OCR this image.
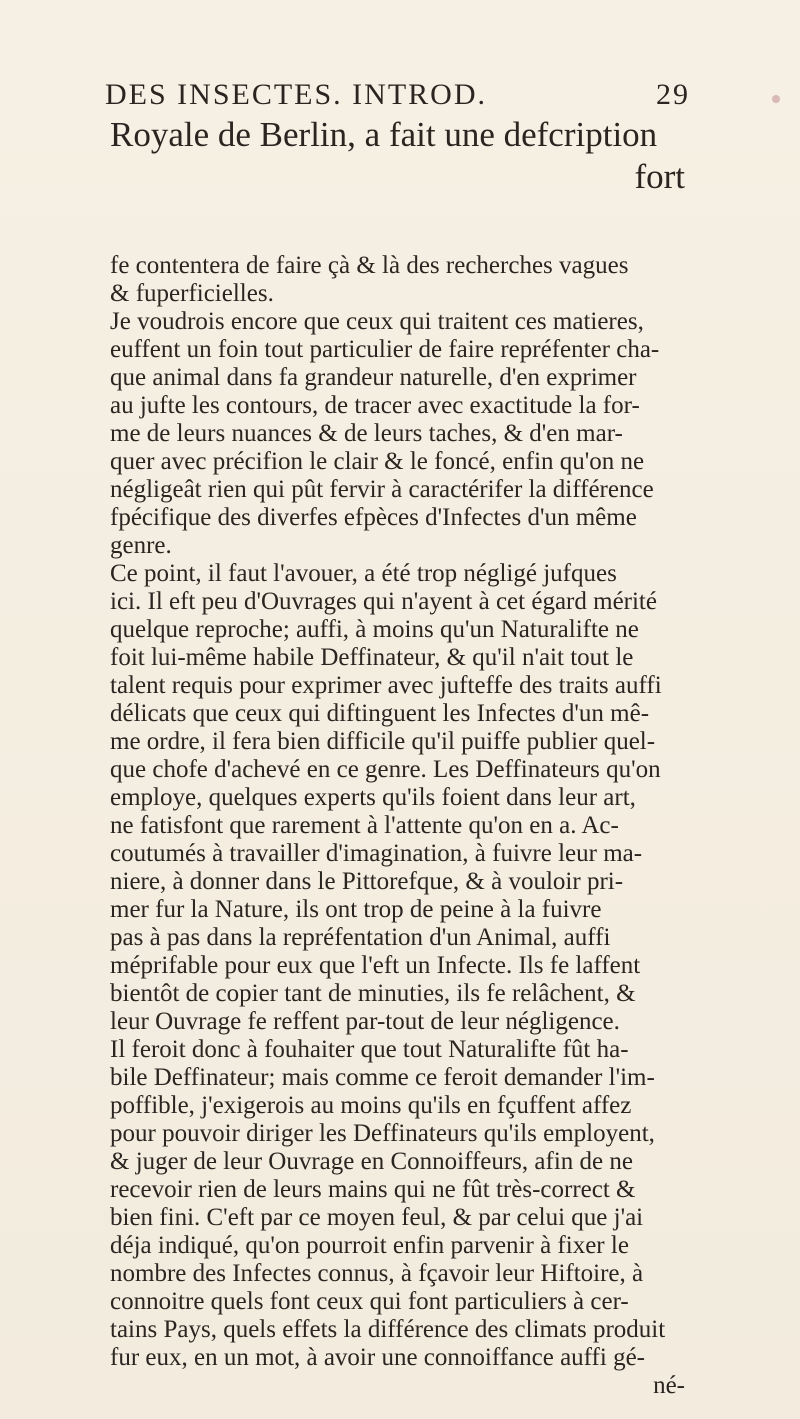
DES INSECTES. INTROD.	29
Royale de Berlin, a fait une defcription
fort
fe contentera de faire çà & là des recherches vagues
& fuperficielles.
Je voudrois encore que ceux qui traitent ces matieres,
euffent un foin tout particulier de faire repréfenter cha-
que animal dans fa grandeur naturelle, d'en exprimer
au jufte les contours, de tracer avec exactitude la for-
me de leurs nuances & de leurs taches, & d'en mar-
quer avec précifion le clair & le foncé, enfin qu'on ne
négligeât rien qui pût fervir à caractérifer la différence
fpécifique des diverfes efpèces d'Infectes d'un même
genre.
Ce point, il faut l'avouer, a été trop négligé jufques
ici. Il eft peu d'Ouvrages qui n'ayent à cet égard mérité
quelque reproche; auffi, à moins qu'un Naturalifte ne
foit lui-même habile Deffinateur, & qu'il n'ait tout le
talent requis pour exprimer avec jufteffe des traits auffi
délicats que ceux qui diftinguent les Infectes d'un mê-
me ordre, il fera bien difficile qu'il puiffe publier quel-
que chofe d'achevé en ce genre. Les Deffinateurs qu'on
employe, quelques experts qu'ils foient dans leur art,
ne fatisfont que rarement à l'attente qu'on en a. Ac-
coutumés à travailler d'imagination, à fuivre leur ma-
niere, à donner dans le Pittorefque, & à vouloir pri-
mer fur la Nature, ils ont trop de peine à la fuivre
pas à pas dans la repréfentation d'un Animal, auffi
méprifable pour eux que l'eft un Infecte. Ils fe laffent
bientôt de copier tant de minuties, ils fe relâchent, &
leur Ouvrage fe reffent par-tout de leur négligence.
Il feroit donc à fouhaiter que tout Naturalifte fût ha-
bile Deffinateur; mais comme ce feroit demander l'im-
poffible, j'exigerois au moins qu'ils en fçuffent affez
pour pouvoir diriger les Deffinateurs qu'ils employent,
& juger de leur Ouvrage en Connoiffeurs, afin de ne
recevoir rien de leurs mains qui ne fût très-correct &
bien fini. C'eft par ce moyen feul, & par celui que j'ai
déja indiqué, qu'on pourroit enfin parvenir à fixer le
nombre des Infectes connus, à fçavoir leur Hiftoire, à
connoitre quels font ceux qui font particuliers à cer-
tains Pays, quels effets la différence des climats produit
fur eux, en un mot, à avoir une connoiffance auffi gé-
né-
